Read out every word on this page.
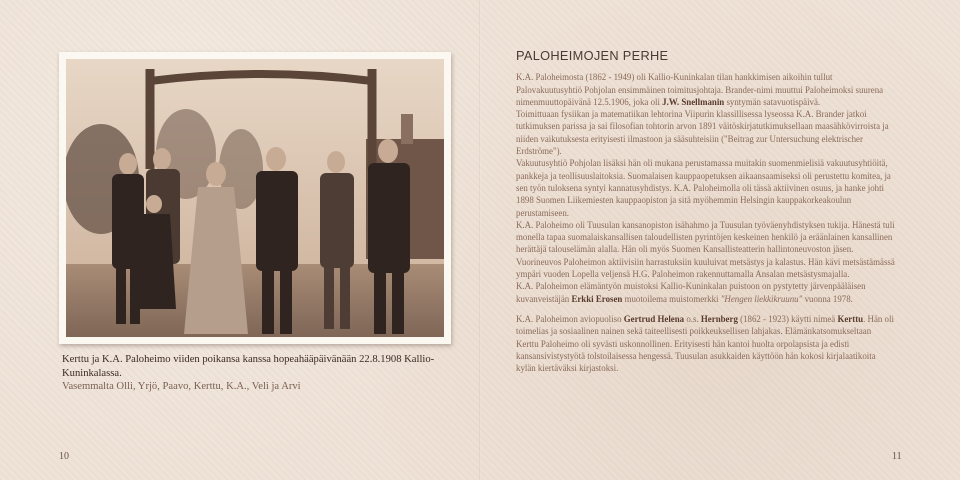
Kerttu ja K.A. Paloheimo viiden poikansa kanssa hopeahääpäivänään 22.8.1908 Kallio-Kuninkalassa.
Vasemmalta Olli, Yrjö, Paavo, Kerttu, K.A., Veli ja Arvi
10
PALOHEIMOJEN PERHE

K.A. Paloheimosta (1862 - 1949) oli Kallio-Kuninkalan tilan hankkimisen aikoihin tullut Palovakuutusyhtiö Pohjolan ensimmäinen toimitusjohtaja. Brander-nimi muuttui Paloheimoksi suurena nimenmuuttopäivänä 12.5.1906, joka oli J.W. Snellmanin syntymän satavuotispäivä.

Toimittuaan fysiikan ja matematiikan lehtorina Viipurin klassillisessa lyseossa K.A. Brander jatkoi tutkimuksen parissa ja sai filosofian tohtorin arvon 1891 väitöskirjatutkimuksellaan maasähkövirroista ja niiden vaikutuksesta erityisesti ilmastoon ja sääsuhteisiin ("Beitrag zur Untersuchung elektrischer Erdströme").

Vakuutusyhtiö Pohjolan lisäksi hän oli mukana perustamassa muitakin suomenmielisiä vakuutusyhtiöitä, pankkeja ja teollisuuslaitoksia. Suomalaisen kauppaopetuksen aikaansaamiseksi oli perustettu komitea, ja sen työn tuloksena syntyi kannatusyhdistys. K.A. Paloheimolla oli tässä aktiivinen osuus, ja hanke johti 1898 Suomen Liikemiesten kauppaopiston ja sitä myöhemmin Helsingin kauppakorkeakoulun perustamiseen.

K.A. Paloheimo oli Tuusulan kansanopiston isähahmo ja Tuusulan työväenyhdistyksen tukija. Hänestä tuli monella tapaa suomalaiskansallisen taloudellisten pyrintöjen keskeinen henkilö ja eräänlainen kansallinen herättäjä talouselämän alalla. Hän oli myös Suomen Kansallisteatterin hallintoneuvoston jäsen.

Vuorineuvos Paloheimon aktiivisiin harrastuksiin kuuluivat metsästys ja kalastus. Hän kävi metsästämässä ympäri vuoden Lopella veljensä H.G. Paloheimon rakennuttamalla Ansalan metsästysmajalla.

K.A. Paloheimon elämäntyön muistoksi Kallio-Kuninkalan puistoon on pystytetty järvenpääläisen kuvanveistäjän Erkki Erosen muotoilema muistomerkki "Hengen liekkikruunu" vuonna 1978.

K.A. Paloheimon aviopuoliso Gertrud Helena o.s. Hernberg (1862 - 1923) käytti nimeä Kerttu. Hän oli toimelias ja sosiaalinen nainen sekä taiteellisesti poikkeuksellisen lahjakas. Elämänkatsomukseltaan Kerttu Paloheimo oli syvästi uskonnollinen. Erityisesti hän kantoi huolta orpolapsista ja edisti kansansivistystyötä tolstoilaisessa hengessä. Tuusulan asukkaiden käyttöön hän kokosi kirjalaatikoita kylän kiertäväksi kirjastoksi.

11
